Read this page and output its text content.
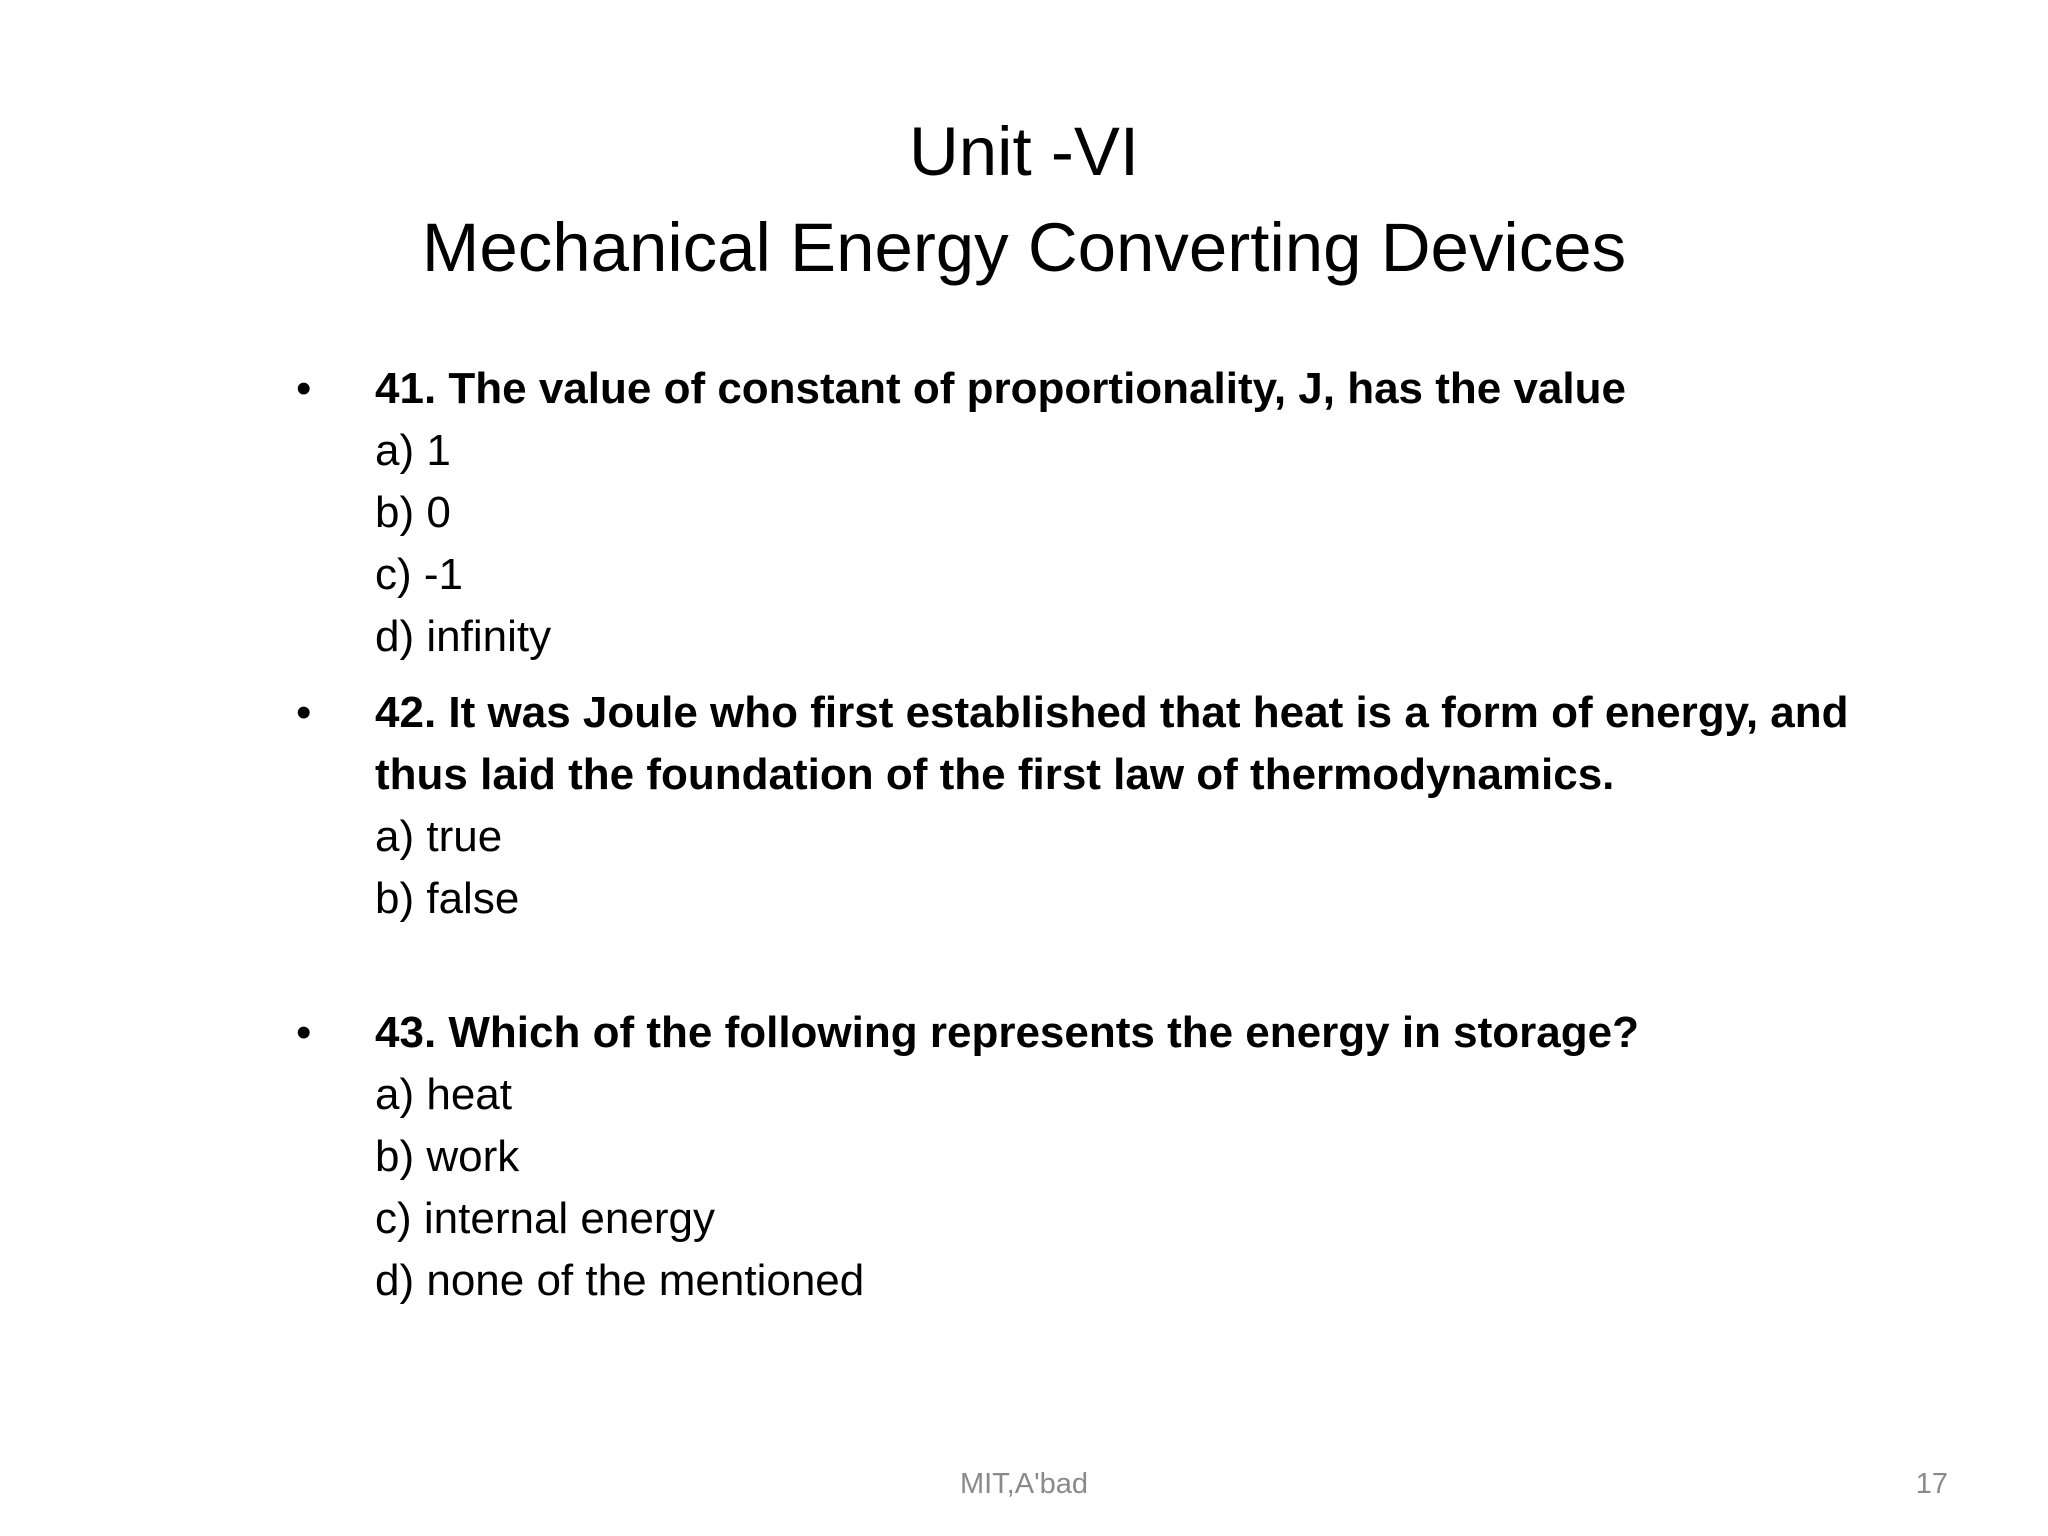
Unit -VI
Mechanical Energy Converting Devices
• 41. The value of constant of proportionality, J, has the value
a) 1
b) 0
c) -1
d) infinity
• 42. It was Joule who first established that heat is a form of energy, and
thus laid the foundation of the first law of thermodynamics.
a) true
b) false
• 43. Which of the following represents the energy in storage?
a) heat
b) work
c) internal energy
d) none of the mentioned
MIT,A'bad	17
